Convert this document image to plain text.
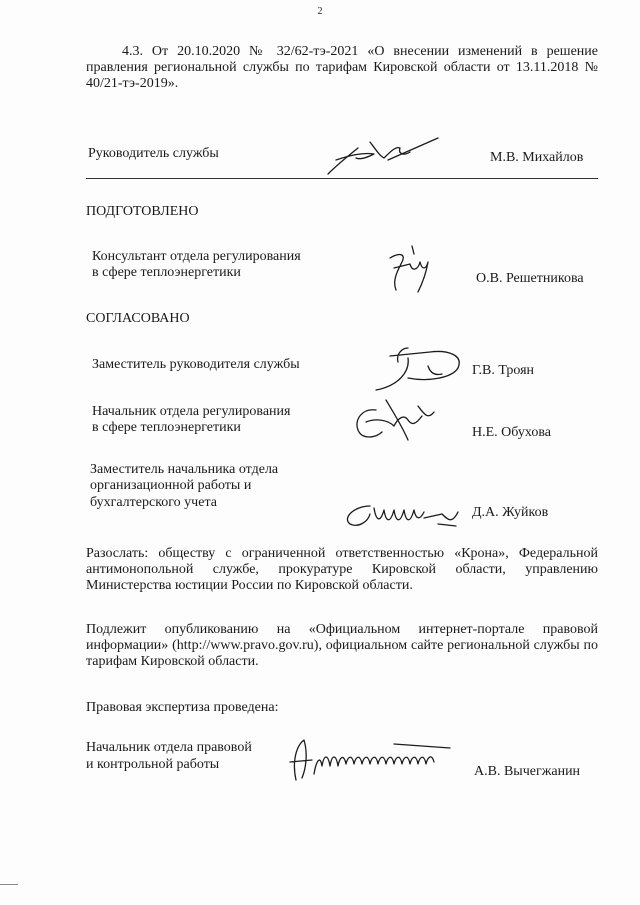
2
4.3. От 20.10.2020 № 32/62-тэ-2021 «О внесении изменений в решение правления региональной службы по тарифам Кировской области от 13.11.2018 № 40/21-тэ-2019».
Руководитель службы	М.В. Михайлов
ПОДГОТОВЛЕНО
Консультант отдела регулирования
в сфере теплоэнергетики	О.В. Решетникова
СОГЛАСОВАНО
Заместитель руководителя службы	Г.В. Троян
Начальник отдела регулирования
в сфере теплоэнергетики	Н.Е. Обухова
Заместитель начальника отдела
организационной работы и
бухгалтерского учета
Д.А. Жуйков
Разослать: обществу с ограниченной ответственностью «Крона», Федеральной антимонопольной службе, прокуратуре Кировской области, управлению Министерства юстиции России по Кировской области.
Подлежит опубликованию на «Официальном интернет-портале правовой информации» (http://www.pravo.gov.ru), официальном сайте региональной службы по тарифам Кировской области.
Правовая экспертиза проведена:
Начальник отдела правовой
и контрольной работы	А.В. Вычегжанин
